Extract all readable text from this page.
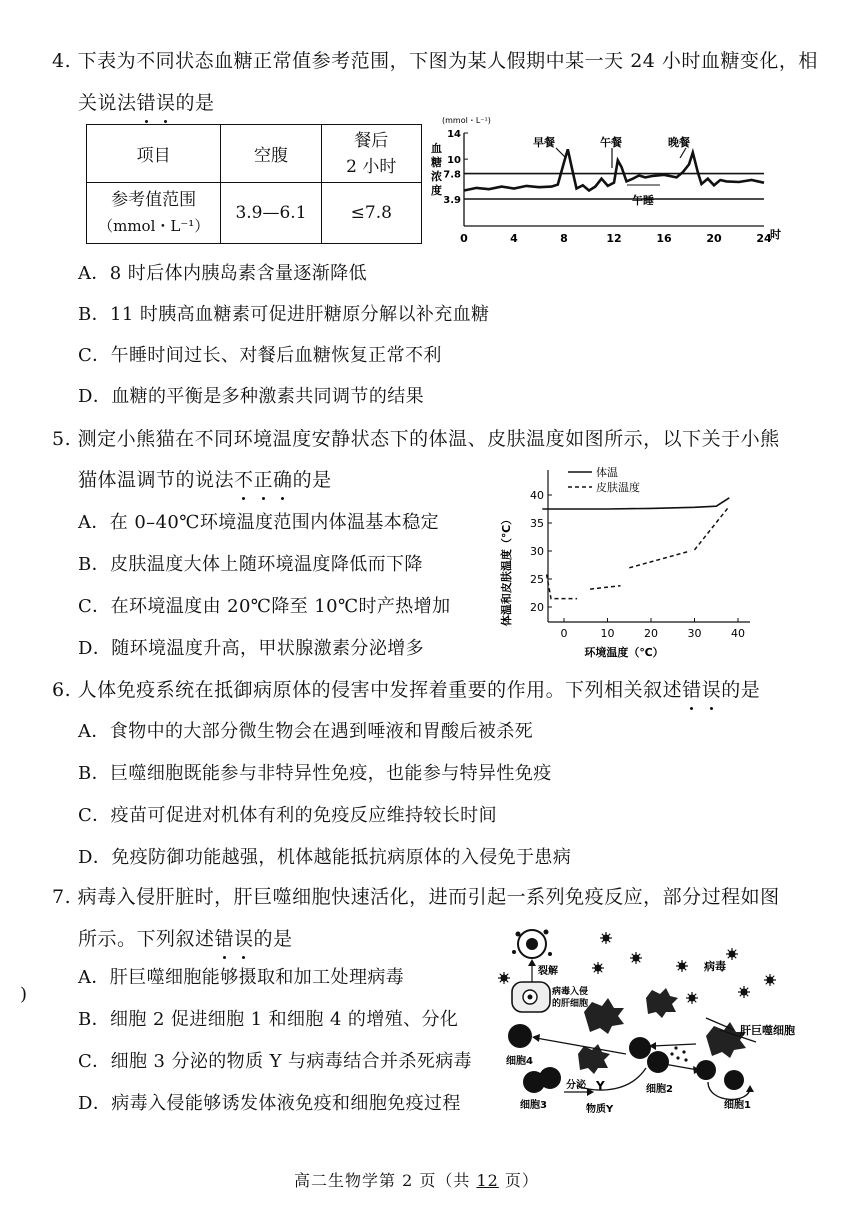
4. 下表为不同状态血糖正常值参考范围，下图为某人假期中某一天 24 小时血糖变化，相
关说法错误的是
项目	空腹	餐后
2 小时
参考值范围
（mmol・L⁻¹）	3.9—6.1	≤7.8
(mmol・L⁻¹)
血
糖
浓
度
14
10
7.8
3.9
0	4	8	12	16	20	24
时
早餐	午餐	晚餐
午睡
A．8 时后体内胰岛素含量逐渐降低
B．11 时胰高血糖素可促进肝糖原分解以补充血糖
C．午睡时间过长、对餐后血糖恢复正常不利
D．血糖的平衡是多种激素共同调节的结果
5. 测定小熊猫在不同环境温度安静状态下的体温、皮肤温度如图所示，以下关于小熊
猫体温调节的说法不正确的是
A．在 0–40℃环境温度范围内体温基本稳定
B．皮肤温度大体上随环境温度降低而下降
C．在环境温度由 20℃降至 10℃时产热增加
D．随环境温度升高，甲状腺激素分泌增多
体温
皮肤温度
体温和皮肤温度（℃）
40
35
30
25
20
0	10	20	30	40
环境温度（℃）
6. 人体免疫系统在抵御病原体的侵害中发挥着重要的作用。下列相关叙述错误的是
A．食物中的大部分微生物会在遇到唾液和胃酸后被杀死
B．巨噬细胞既能参与非特异性免疫，也能参与特异性免疫
C．疫苗可促进对机体有利的免疫反应维持较长时间
D．免疫防御功能越强，机体越能抵抗病原体的入侵免于患病
7. 病毒入侵肝脏时，肝巨噬细胞快速活化，进而引起一系列免疫反应，部分过程如图
所示。下列叙述错误的是
A．肝巨噬细胞能够摄取和加工处理病毒
B．细胞 2 促进细胞 1 和细胞 4 的增殖、分化
C．细胞 3 分泌的物质 Y 与病毒结合并杀死病毒
D．病毒入侵能够诱发体液免疫和细胞免疫过程
)
裂解
病毒入侵
的肝细胞
病毒
肝巨噬细胞
细胞4
细胞2
细胞3
分泌 Y
物质Y	细胞1
高二生物学第 2 页（共 12 页）
